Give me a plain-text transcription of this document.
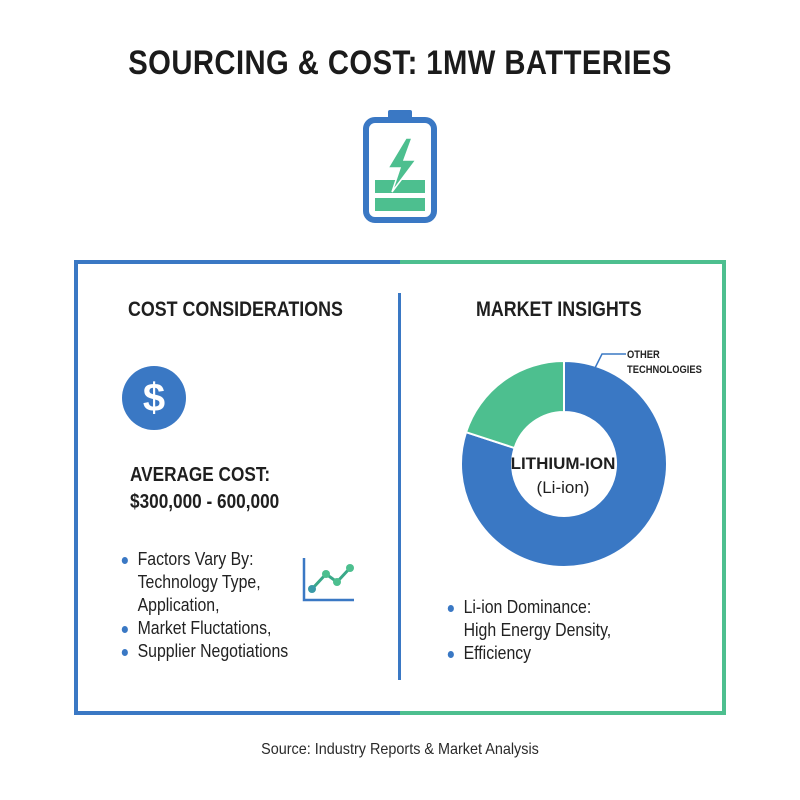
SOURCING & COST: 1MW BATTERIES
COST CONSIDERATIONS
$
AVERAGE COST:
$300,000 - 600,000
Factors Vary By:
Technology Type,
Application,
Market Fluctations,
Supplier Negotiations
MARKET INSIGHTS
LITHIUM-ION
(Li-ion)
OTHER
TECHNOLOGIES
Li-ion Dominance:
High Energy Density,
Efficiency
Source: Industry Reports & Market Analysis
